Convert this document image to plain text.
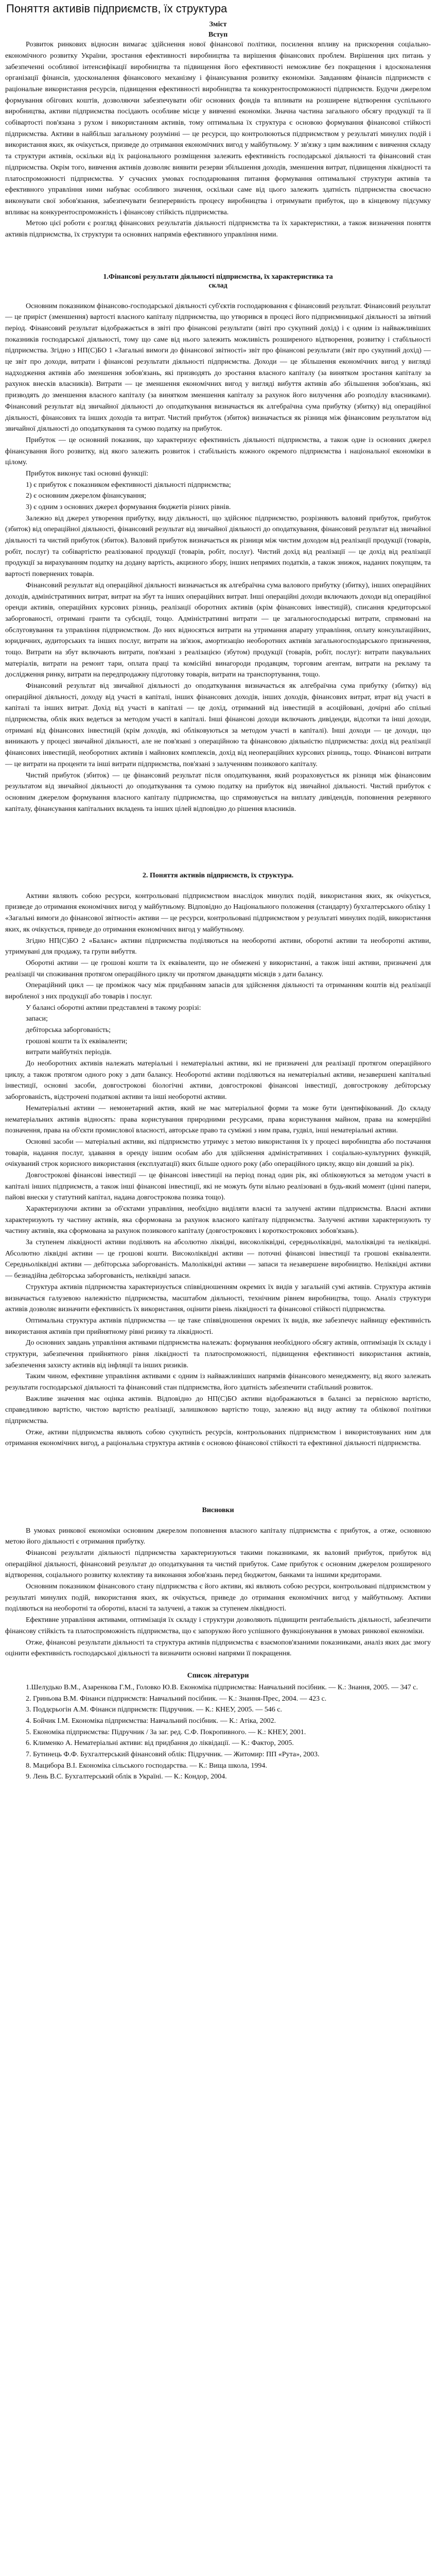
Поняття активів підприємств, їх структура
Зміст
Вступ

Розвиток ринкових відносин вимагає здійснення нової фінансової політики, посилення впливу на прискорення соціально-економічного розвитку України, зростання ефективності виробництва та вирішення фінансових проблем. Вирішення цих питань у забезпеченні особливої інтенсифікації виробництва та підвищення його ефективності неможливе без покращення і вдосконалення організації фінансів, удосконалення фінансового механізму і фінансування розвитку економіки. Завданням фінансів підприємств є раціональне використання ресурсів, підвищення ефективності виробництва та конкурентоспроможності підприємств. Будучи джерелом формування обігових коштів, дозволяючи забезпечувати обіг основних фондів та впливати на розширене відтворення суспільного виробництва, активи підприємства посідають особливе місце у вивченні економіки. Значна частина загального обсягу продукції та її собівартості пов'язана з рухом і використанням активів, тому оптимальна їх структура є основою формування фінансової стійкості підприємства. Активи в найбільш загальному розумінні — це ресурси, що контролюються підприємством у результаті минулих подій і використання яких, як очікується, призведе до отримання економічних вигод у майбутньому. У зв'язку з цим важливим є вивчення складу та структури активів, оскільки від їх раціонального розміщення залежить ефективність господарської діяльності та фінансовий стан підприємства. Окрім того, вивчення активів дозволяє виявити резерви збільшення доходів, зменшення витрат, підвищення ліквідності та платоспроможності підприємства. У сучасних умовах господарювання питання формування оптимальної структури активів та ефективного управління ними набуває особливого значення, оскільки саме від цього залежить здатність підприємства своєчасно виконувати свої зобов'язання, забезпечувати безперервність процесу виробництва і отримувати прибуток, що в кінцевому підсумку впливає на конкурентоспроможність і фінансову стійкість підприємства.

Метою цієї роботи є розгляд фінансових результатів діяльності підприємства та їх характеристики, а також визначення поняття активів підприємства, їх структури та основних напрямів ефективного управління ними.

1.Фінансові результати діяльності підприємства, їх характеристика та
склад

Основним показником фінансово-господарської діяльності суб'єктів господарювання є фінансовий результат. Фінансовий результат — це приріст (зменшення) вартості власного капіталу підприємства, що утворився в процесі його підприємницької діяльності за звітний період. Фінансовий результат відображається в звіті про фінансові результати (звіті про сукупний дохід) і є одним із найважливіших показників господарської діяльності, тому що саме від нього залежить можливість розширеного відтворення, розвитку і стабільності підприємства. Згідно з НП(С)БО 1 «Загальні вимоги до фінансової звітності» звіт про фінансові результати (звіт про сукупний дохід) — це звіт про доходи, витрати і фінансові результати діяльності підприємства. Доходи — це збільшення економічних вигод у вигляді надходження активів або зменшення зобов'язань, які призводять до зростання власного капіталу (за винятком зростання капіталу за рахунок внесків власників). Витрати — це зменшення економічних вигод у вигляді вибуття активів або збільшення зобов'язань, які призводять до зменшення власного капіталу (за винятком зменшення капіталу за рахунок його вилучення або розподілу власниками). Фінансовий результат від звичайної діяльності до оподаткування визначається як алгебраїчна сума прибутку (збитку) від операційної діяльності, фінансових та інших доходів та витрат. Чистий прибуток (збиток) визначається як різниця між фінансовим результатом від звичайної діяльності до оподаткування та сумою податку на прибуток.

Прибуток — це основний показник, що характеризує ефективність діяльності підприємства, а також одне із основних джерел фінансування його розвитку, від якого залежить розвиток і стабільність кожного окремого підприємства і національної економіки в цілому.

Прибуток виконує такі основні функції:

1) є прибуток є показником ефективності діяльності підприємства;
2) є основним джерелом фінансування;
3) є одним з основних джерел формування бюджетів різних рівнів.

Залежно від джерел утворення прибутку, виду діяльності, що здійснює підприємство, розрізняють валовий прибуток, прибуток (збиток) від операційної діяльності, фінансовий результат від звичайної діяльності до оподаткування, фінансовий результат від звичайної діяльності та чистий прибуток (збиток). Валовий прибуток визначається як різниця між чистим доходом від реалізації продукції (товарів, робіт, послуг) та собівартістю реалізованої продукції (товарів, робіт, послуг). Чистий дохід від реалізації — це дохід від реалізації продукції за вирахуванням податку на додану вартість, акцизного збору, інших непрямих податків, а також знижок, наданих покупцям, та вартості повернених товарів.

Фінансовий результат від операційної діяльності визначається як алгебраїчна сума валового прибутку (збитку), інших операційних доходів, адміністративних витрат, витрат на збут та інших операційних витрат. Інші операційні доходи включають доходи від операційної оренди активів, операційних курсових різниць, реалізації оборотних активів (крім фінансових інвестицій), списання кредиторської заборгованості, отримані гранти та субсидії, тощо. Адміністративні витрати — це загальногосподарські витрати, спрямовані на обслуговування та управління підприємством. До них відносяться витрати на утримання апарату управління, оплату консультаційних, юридичних, аудиторських та інших послуг, витрати на зв'язок, амортизацію необоротних активів загальногосподарського призначення, тощо. Витрати на збут включають витрати, пов'язані з реалізацією (збутом) продукції (товарів, робіт, послуг): витрати пакувальних матеріалів, витрати на ремонт тари, оплата праці та комісійні винагороди продавцям, торговим агентам, витрати на рекламу та дослідження ринку, витрати на передпродажну підготовку товарів, витрати на транспортування, тощо.

Фінансовий результат від звичайної діяльності до оподаткування визначається як алгебраїчна сума прибутку (збитку) від операційної діяльності, доходу від участі в капіталі, інших фінансових доходів, інших доходів, фінансових витрат, втрат від участі в капіталі та інших витрат. Дохід від участі в капіталі — це дохід, отриманий від інвестицій в асоційовані, дочірні або спільні підприємства, облік яких ведеться за методом участі в капіталі. Інші фінансові доходи включають дивіденди, відсотки та інші доходи, отримані від фінансових інвестицій (крім доходів, які обліковуються за методом участі в капіталі). Інші доходи — це доходи, що виникають у процесі звичайної діяльності, але не пов'язані з операційною та фінансовою діяльністю підприємства: дохід від реалізації фінансових інвестицій, необоротних активів і майнових комплексів, дохід від неопераційних курсових різниць, тощо. Фінансові витрати — це витрати на проценти та інші витрати підприємства, пов'язані з залученням позикового капіталу.

Чистий прибуток (збиток) — це фінансовий результат після оподаткування, який розраховується як різниця між фінансовим результатом від звичайної діяльності до оподаткування та сумою податку на прибуток від звичайної діяльності. Чистий прибуток є основним джерелом формування власного капіталу підприємства, що спрямовується на виплату дивідендів, поповнення резервного капіталу, фінансування капітальних вкладень та інших цілей відповідно до рішення власників.

2. Поняття активів підприємств, їх структура.

Активи являють собою ресурси, контрольовані підприємством внаслідок минулих подій, використання яких, як очікується, призведе до отримання економічних вигод у майбутньому. Відповідно до Національного положення (стандарту) бухгалтерського обліку 1 «Загальні вимоги до фінансової звітності» активи — це ресурси, контрольовані підприємством у результаті минулих подій, використання яких, як очікується, приведе до отримання економічних вигод у майбутньому.

Згідно НП(С)БО 2 «Баланс» активи підприємства поділяються на необоротні активи, оборотні активи та необоротні активи, утримувані для продажу, та групи вибуття.

Оборотні активи — це грошові кошти та їх еквіваленти, що не обмежені у використанні, а також інші активи, призначені для реалізації чи споживання протягом операційного циклу чи протягом дванадцяти місяців з дати балансу.

Операційний цикл — це проміжок часу між придбанням запасів для здійснення діяльності та отриманням коштів від реалізації виробленої з них продукції або товарів і послуг.

У балансі оборотні активи представлені в такому розрізі:

запаси;
дебіторська заборгованість;
грошові кошти та їх еквіваленти;
витрати майбутніх періодів.

До необоротних активів належать матеріальні і нематеріальні активи, які не призначені для реалізації протягом операційного циклу, а також протягом одного року з дати балансу. Необоротні активи поділяються на нематеріальні активи, незавершені капітальні інвестиції, основні засоби, довгострокові біологічні активи, довгострокові фінансові інвестиції, довгострокову дебіторську заборгованість, відстрочені податкові активи та інші необоротні активи.

Нематеріальні активи — немонетарний актив, який не має матеріальної форми та може бути ідентифікований. До складу нематеріальних активів відносять: права користування природними ресурсами, права користування майном, права на комерційні позначення, права на об'єкти промислової власності, авторське право та суміжні з ним права, гудвіл, інші нематеріальні активи.

Основні засоби — матеріальні активи, які підприємство утримує з метою використання їх у процесі виробництва або постачання товарів, надання послуг, здавання в оренду іншим особам або для здійснення адміністративних і соціально-культурних функцій, очікуваний строк корисного використання (експлуатації) яких більше одного року (або операційного циклу, якщо він довший за рік).

Довгострокові фінансові інвестиції — це фінансові інвестиції на період понад один рік, які обліковуються за методом участі в капіталі інших підприємств, а також інші фінансові інвестиції, які не можуть бути вільно реалізовані в будь-який момент (цінні папери, пайові внески у статутний капітал, надана довгострокова позика тощо).

Характеризуючи активи за об'єктами управління, необхідно виділяти власні та залучені активи підприємства. Власні активи характеризують ту частину активів, яка сформована за рахунок власного капіталу підприємства. Залучені активи характеризують ту частину активів, яка сформована за рахунок позикового капіталу (довгострокових і короткострокових зобов'язань).

За ступенем ліквідності активи поділяють на абсолютно ліквідні, високоліквідні, середньоліквідні, малоліквідні та неліквідні. Абсолютно ліквідні активи — це грошові кошти. Високоліквідні активи — поточні фінансові інвестиції та грошові еквіваленти. Середньоліквідні активи — дебіторська заборгованість. Малоліквідні активи — запаси та незавершене виробництво. Неліквідні активи — безнадійна дебіторська заборгованість, неліквідні запаси.

Структура активів підприємства характеризується співвідношенням окремих їх видів у загальній сумі активів. Структура активів визначається галузевою належністю підприємства, масштабом діяльності, технічним рівнем виробництва, тощо. Аналіз структури активів дозволяє визначити ефективність їх використання, оцінити рівень ліквідності та фінансової стійкості підприємства.

Оптимальна структура активів підприємства — це таке співвідношення окремих їх видів, яке забезпечує найвищу ефективність використання активів при прийнятному рівні ризику та ліквідності.

До основних завдань управління активами підприємства належать: формування необхідного обсягу активів, оптимізація їх складу і структури, забезпечення прийнятного рівня ліквідності та платоспроможності, підвищення ефективності використання активів, забезпечення захисту активів від інфляції та інших ризиків.

Таким чином, ефективне управління активами є одним із найважливіших напрямів фінансового менеджменту, від якого залежать результати господарської діяльності та фінансовий стан підприємства, його здатність забезпечити стабільний розвиток.

Важливе значення має оцінка активів. Відповідно до НП(С)БО активи відображаються в балансі за первісною вартістю, справедливою вартістю, чистою вартістю реалізації, залишковою вартістю тощо, залежно від виду активу та облікової політики підприємства.

Отже, активи підприємства являють собою сукупність ресурсів, контрольованих підприємством і використовуваних ним для отримання економічних вигод, а раціональна структура активів є основою фінансової стійкості та ефективної діяльності підприємства.

Висновки

В умовах ринкової економіки основним джерелом поповнення власного капіталу підприємства є прибуток, а отже, основною метою його діяльності є отримання прибутку.

Фінансові результати діяльності підприємства характеризуються такими показниками, як валовий прибуток, прибуток від операційної діяльності, фінансовий результат до оподаткування та чистий прибуток. Саме прибуток є основним джерелом розширеного відтворення, соціального розвитку колективу та виконання зобов'язань перед бюджетом, банками та іншими кредиторами.

Основним показником фінансового стану підприємства є його активи, які являють собою ресурси, контрольовані підприємством у результаті минулих подій, використання яких, як очікується, приведе до отримання економічних вигод у майбутньому. Активи поділяються на необоротні та оборотні, власні та залучені, а також за ступенем ліквідності.

Ефективне управління активами, оптимізація їх складу і структури дозволяють підвищити рентабельність діяльності, забезпечити фінансову стійкість та платоспроможність підприємства, що є запорукою його успішного функціонування в умовах ринкової економіки.

Отже, фінансові результати діяльності та структура активів підприємства є взаємопов'язаними показниками, аналіз яких дає змогу оцінити ефективність господарської діяльності та визначити основні напрями її покращення.

Список літератури

1.Шелудько В.М., Азаренкова Г.М., Головко Ю.В. Економіка підприємства: Навчальний посібник. — К.: Знання, 2005. — 347 с.

2. Гриньова В.М. Фінанси підприємств: Навчальний посібник. — К.: Знання-Прес, 2004. — 423 с.

3. Поддєрьогін А.М. Фінанси підприємств: Підручник. — К.: КНЕУ, 2005. — 546 с.

4. Бойчик І.М. Економіка підприємства: Навчальний посібник. — К.: Атіка, 2002.

5. Економіка підприємства: Підручник / За заг. ред. С.Ф. Покропивного. — К.: КНЕУ, 2001.

6. Клименко А. Нематеріальні активи: від придбання до ліквідації. — К.: Фактор, 2005.

7. Бутинець Ф.Ф. Бухгалтерський фінансовий облік: Підручник. — Житомир: ПП «Рута», 2003.

8. Мацибора В.І. Економіка сільського господарства. — К.: Вища школа, 1994.

9. Лень В.С. Бухгалтерський облік в Україні. — К.: Кондор, 2004.
